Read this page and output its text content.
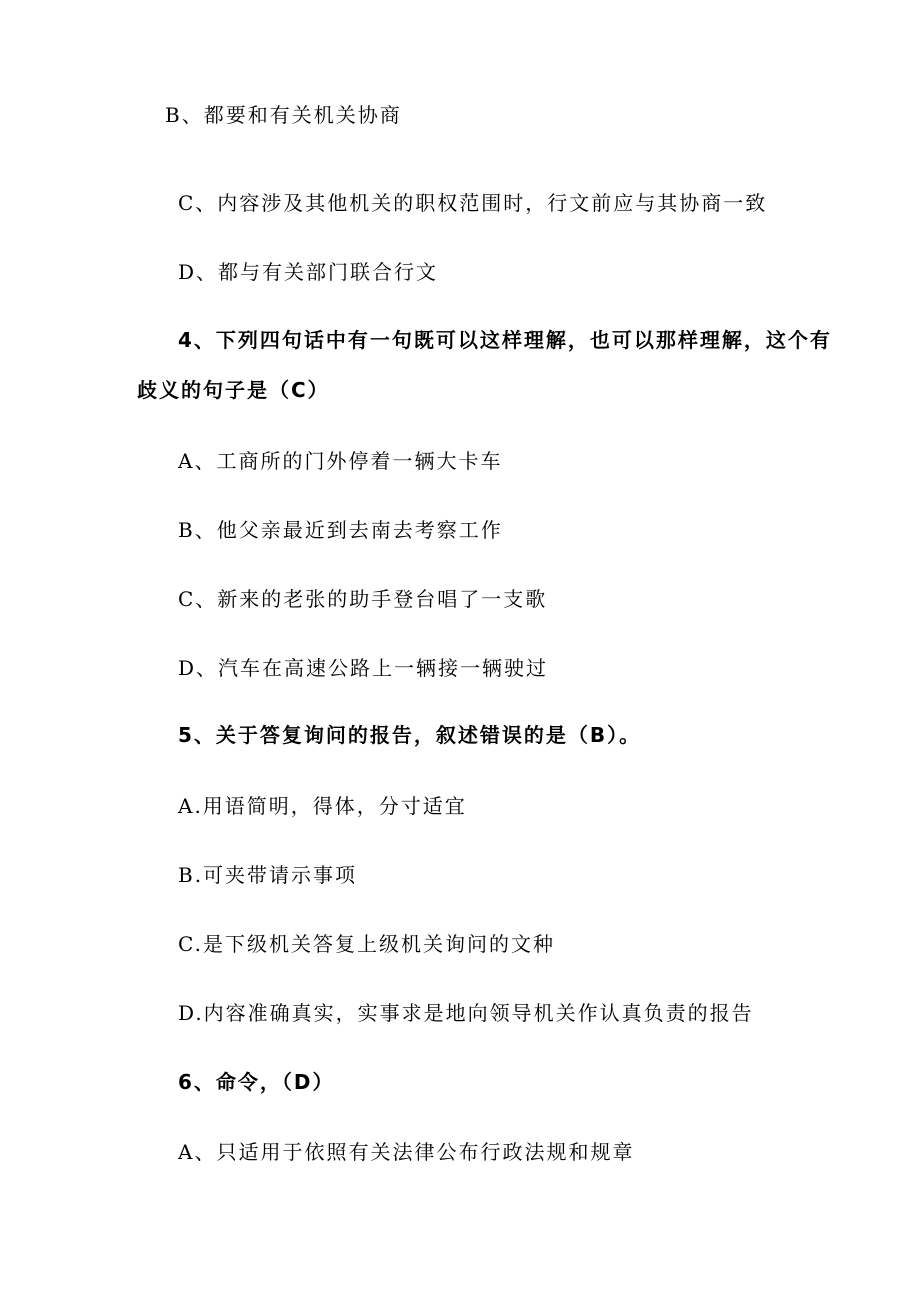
B、都要和有关机关协商

C、内容涉及其他机关的职权范围时，行文前应与其协商一致

D、都与有关部门联合行文

4、下列四句话中有一句既可以这样理解，也可以那样理解，这个有

歧义的句子是（C）

A、工商所的门外停着一辆大卡车

B、他父亲最近到去南去考察工作

C、新来的老张的助手登台唱了一支歌

D、汽车在高速公路上一辆接一辆驶过

5、关于答复询问的报告，叙述错误的是（B）。

A.用语简明，得体，分寸适宜

B.可夹带请示事项

C.是下级机关答复上级机关询问的文种

D.内容准确真实，实事求是地向领导机关作认真负责的报告

6、命令，（D）

A、只适用于依照有关法律公布行政法规和规章
